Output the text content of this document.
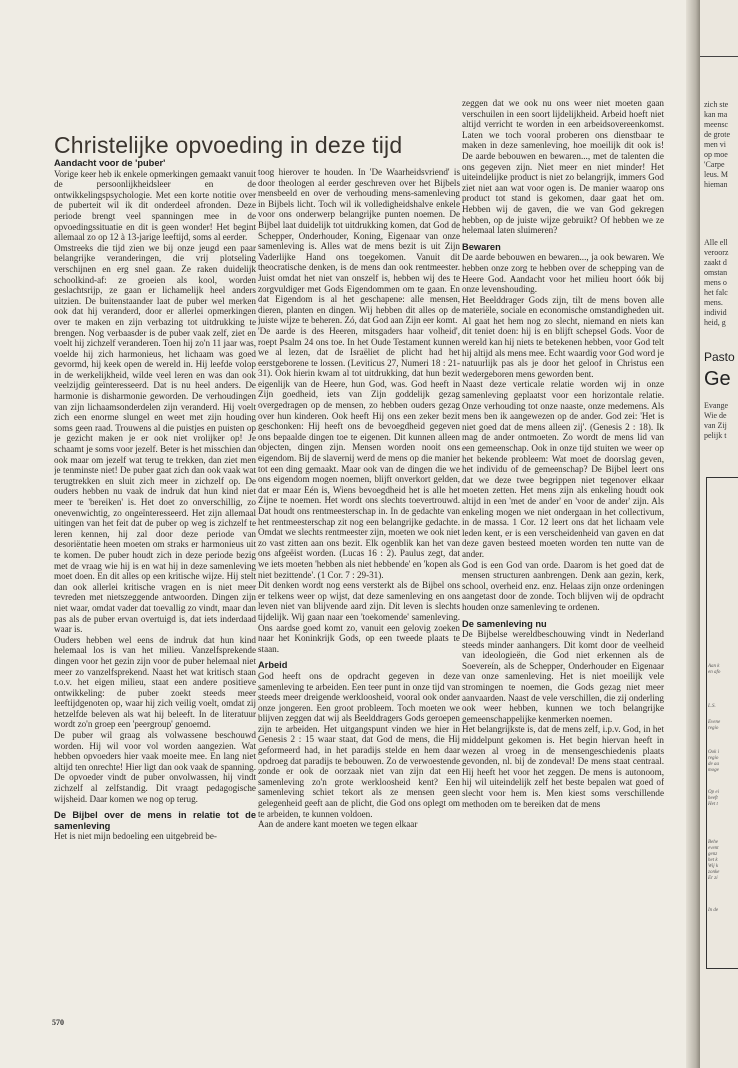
Christelijke opvoeding in deze tijd
Aandacht voor de 'puber'

Vorige keer heb ik enkele opmerkingen gemaakt vanuit de persoonlijkheidsleer en de ontwikkelingspsychologie. Met een korte notitie over de puberteit wil ik dit onderdeel afronden. Deze periode brengt veel spanningen mee in de opvoedingssituatie en dit is geen wonder! Het begint allemaal zo op 12 à 13-jarige leeftijd, soms al eerder.

Omstreeks die tijd zien we bij onze jeugd een paar belangrijke veranderingen, die vrij plotseling verschijnen en erg snel gaan. Ze raken duidelijk schoolkind-af: ze groeien als kool, worden geslachtsrijp, ze gaan er lichamelijk heel anders uitzien. De buitenstaander laat de puber wel merken ook dat hij veranderd, door er allerlei opmerkingen over te maken en zijn verbazing tot uitdrukking te brengen. Nog verbaasder is de puber vaak zelf, ziet en voelt hij zichzelf veranderen. Toen hij zo'n 11 jaar was, voelde hij zich harmonieus, het lichaam was goed gevormd, hij keek open de wereld in. Hij leefde volop in de werkelijkheid, wilde veel leren en was dan ook veelzijdig geïnteresseerd. Dat is nu heel anders. De harmonie is disharmonie geworden. De verhoudingen van zijn lichaamsonderdelen zijn veranderd. Hij voelt zich een enorme slungel en weet met zijn houding soms geen raad. Trouwens al die puistjes en puisten op je gezicht maken je er ook niet vrolijker op! Je schaamt je soms voor jezelf. Beter is het misschien dan ook maar om jezelf wat terug te trekken, dan ziet men je tenminste niet! De puber gaat zich dan ook vaak wat terugtrekken en sluit zich meer in zichzelf op. De ouders hebben nu vaak de indruk dat hun kind niet meer te 'bereiken' is. Het doet zo onverschillig, zo onevenwichtig, zo ongeïnteresseerd. Het zijn allemaal uitingen van het feit dat de puber op weg is zichzelf te leren kennen, hij zal door deze periode van desoriëntatie heen moeten om straks er harmonieus uit te komen. De puber houdt zich in deze periode bezig met de vraag wie hij is en wat hij in deze samenleving moet doen. En dit alles op een kritische wijze. Hij stelt dan ook allerlei kritische vragen en is niet meer tevreden met nietszeggende antwoorden. Dingen zijn niet waar, omdat vader dat toevallig zo vindt, maar dan pas als de puber ervan overtuigd is, dat iets inderdaad waar is.

Ouders hebben wel eens de indruk dat hun kind helemaal los is van het milieu. Vanzelfsprekende dingen voor het gezin zijn voor de puber helemaal niet meer zo vanzelfsprekend. Naast het wat kritisch staan t.o.v. het eigen milieu, staat een andere positieve ontwikkeling: de puber zoekt steeds meer leeftijdgenoten op, waar hij zich veilig voelt, omdat zij hetzelfde beleven als wat hij beleeft. In de literatuur wordt zo'n groep een 'peergroup' genoemd.

De puber wil graag als volwassene beschouwd worden. Hij wil voor vol worden aangezien. Wat hebben opvoeders hier vaak moeite mee. En lang niet altijd ten onrechte! Hier ligt dan ook vaak de spanning. De opvoeder vindt de puber onvolwassen, hij vindt zichzelf al zelfstandig. Dit vraagt pedagogische wijsheid. Daar komen we nog op terug.

De Bijbel over de mens in relatie tot de samenleving

Het is niet mijn bedoeling een uitgebreid be-

toog hierover te houden. In 'De Waarheidsvriend' is door theologen al eerder geschreven over het Bijbels mensbeeld en over de verhouding mens-samenleving in Bijbels licht. Toch wil ik volledigheidshalve enkele voor ons onderwerp belangrijke punten noemen. De Bijbel laat duidelijk tot uitdrukking komen, dat God de Schepper, Onderhouder, Koning, Eigenaar van onze samenleving is. Alles wat de mens bezit is uit Zijn Vaderlijke Hand ons toegekomen. Vanuit dit theocratische denken, is de mens dan ook rentmeester. Juist omdat het niet van onszelf is, hebben wij des te zorgvuldiger met Gods Eigendommen om te gaan. En dat Eigendom is al het geschapene: alle mensen, dieren, planten en dingen. Wij hebben dit alles op de juiste wijze te beheren. Zó, dat God aan Zijn eer komt.

'De aarde is des Heeren, mitsgaders haar volheid', roept Psalm 24 ons toe. In het Oude Testament kunnen we al lezen, dat de Israëliet de plicht had het eerstgeborene te lossen. (Leviticus 27, Numeri 18 : 21-31). Ook hierin kwam al tot uitdrukking, dat hun bezit eigenlijk van de Heere, hun God, was. God heeft in Zijn goedheid, iets van Zijn goddelijk gezag overgedragen op de mensen, zo hebben ouders gezag over hun kinderen. Ook heeft Hij ons een zeker bezit geschonken: Hij heeft ons de bevoegdheid gegeven ons bepaalde dingen toe te eigenen. Dit kunnen alleen objecten, dingen zijn. Mensen worden nooit ons eigendom. Bij de slavernij werd de mens op die manier tot een ding gemaakt. Maar ook van de dingen die we ons eigendom mogen noemen, blijft onverkort gelden, dat er maar Eén is, Wiens bevoegdheid het is alle het Zijne te noemen. Het wordt ons slechts toevertrouwd. Dat houdt ons rentmeesterschap in. In de gedachte van het rentmeesterschap zit nog een belangrijke gedachte. Omdat we slechts rentmeester zijn, moeten we ook niet zo vast zitten aan ons bezit. Elk ogenblik kan het van ons afgeëist worden. (Lucas 16 : 2). Paulus zegt, dat we iets moeten 'hebben als niet hebbende' en 'kopen als niet bezittende'. (1 Cor. 7 : 29-31).

Dit denken wordt nog eens versterkt als de Bijbel ons er telkens weer op wijst, dat deze samenleving en ons leven niet van blijvende aard zijn. Dit leven is slechts tijdelijk. Wij gaan naar een 'toekomende' samenleving. Ons aardse goed komt zo, vanuit een gelovig zoeken naar het Koninkrijk Gods, op een tweede plaats te staan.

Arbeid

God heeft ons de opdracht gegeven in deze samenleving te arbeiden. Een teer punt in onze tijd van steeds meer dreigende werkloosheid, vooral ook onder onze jongeren. Een groot probleem. Toch moeten we blijven zeggen dat wij als Beelddragers Gods geroepen zijn te arbeiden. Het uitgangspunt vinden we hier in Genesis 2 : 15 waar staat, dat God de mens, die Hij geformeerd had, in het paradijs stelde en hem daar opdroeg dat paradijs te bebouwen. Zo de verwoestende zonde er ook de oorzaak niet van zijn dat een samenleving zo'n grote werkloosheid kent? Een samenleving schiet tekort als ze mensen geen gelegenheid geeft aan de plicht, die God ons oplegt om te arbeiden, te kunnen voldoen.

Aan de andere kant moeten we tegen elkaar

zeggen dat we ook nu ons weer niet moeten gaan verschuilen in een soort lijdelijkheid. Arbeid hoeft niet altijd verricht te worden in een arbeidsovereenkomst. Laten we toch vooral proberen ons dienstbaar te maken in deze samenleving, hoe moeilijk dit ook is! De aarde bebouwen en bewaren..., met de talenten die ons gegeven zijn. Niet meer en niet minder! Het uiteindelijke product is niet zo belangrijk, immers God ziet niet aan wat voor ogen is. De manier waarop ons product tot stand is gekomen, daar gaat het om. Hebben wij de gaven, die we van God gekregen hebben, op de juiste wijze gebruikt? Of hebben we ze helemaal laten sluimeren?

Bewaren

De aarde bebouwen en bewaren..., ja ook bewaren. We hebben onze zorg te hebben over de schepping van de Heere God. Aandacht voor het milieu hoort óók bij onze levenshouding.

Het Beelddrager Gods zijn, tilt de mens boven alle materiële, sociale en economische omstandigheden uit. Al gaat het hem nog zo slecht, niemand en niets kan dit teniet doen: hij is en blijft schepsel Gods. Voor de wereld kan hij niets te betekenen hebben, voor God telt hij altijd als mens mee. Echt waardig voor God word je natuurlijk pas als je door het geloof in Christus een wedergeboren mens geworden bent.

Naast deze verticale relatie worden wij in onze samenleving geplaatst voor een horizontale relatie. Onze verhouding tot onze naaste, onze medemens. Als mens ben ik aangewezen op de ander. God zei: 'Het is niet goed dat de mens alleen zij'. (Genesis 2 : 18). Ik mag de ander ontmoeten. Zo wordt de mens lid van een gemeenschap. Ook in onze tijd stuiten we weer op het bekende probleem: Wat moet de doorslag geven, het individu of de gemeenschap? De Bijbel leert ons dat we deze twee begrippen niet tegenover elkaar moeten zetten. Het mens zijn als enkeling houdt ook altijd in een 'met de ander' en 'voor de ander' zijn. Als enkeling mogen we niet ondergaan in het collectivum, in de massa. 1 Cor. 12 leert ons dat het lichaam vele leden kent, er is een verscheidenheid van gaven en dat deze gaven besteed moeten worden ten nutte van de ander.

God is een God van orde. Daarom is het goed dat de mensen structuren aanbrengen. Denk aan gezin, kerk, school, overheid enz. enz. Helaas zijn onze ordeningen aangetast door de zonde. Toch blijven wij de opdracht houden onze samenleving te ordenen.

De samenleving nu

De Bijbelse wereldbeschouwing vindt in Nederland steeds minder aanhangers. Dit komt door de veelheid van ideologieën, die God niet erkennen als de Soevereín, als de Schepper, Onderhouder en Eigenaar van onze samenleving. Het is niet moeilijk vele stromingen te noemen, die Gods gezag niet meer aanvaarden. Naast de vele verschillen, die zij onderling ook weer hebben, kunnen we toch belangrijke gemeenschappelijke kenmerken noemen.

Het belangrijkste is, dat de mens zelf, i.p.v. God, in het middelpunt gekomen is. Het begin hiervan heeft in wezen al vroeg in de mensengeschiedenis plaats gevonden, nl. bij de zondeval! De mens staat centraal. Hij heeft het voor het zeggen. De mens is autonoom, hij wil uiteindelijk zelf het beste bepalen wat goed of slecht voor hem is. Men kiest soms verschillende methoden om te bereiken dat de mens

570
zich ste
kan ma
meensc
de grote
men vi
op moe
'Carpe
leus. M
hieman
Alle ell
veroorz
zaakt d
omstan
mens o
het falc
mens.
individ
heid, g
Pasto
Ge
Evange
Wie de
van Zij
pelijk t
Aan k
en afo
L.S.
Evene
regio
Ook i
regio
de aa
moge
Op ei
heeft
Het t
Behe
event
genz
het k
Wij k
zonke
Er zi
In de
